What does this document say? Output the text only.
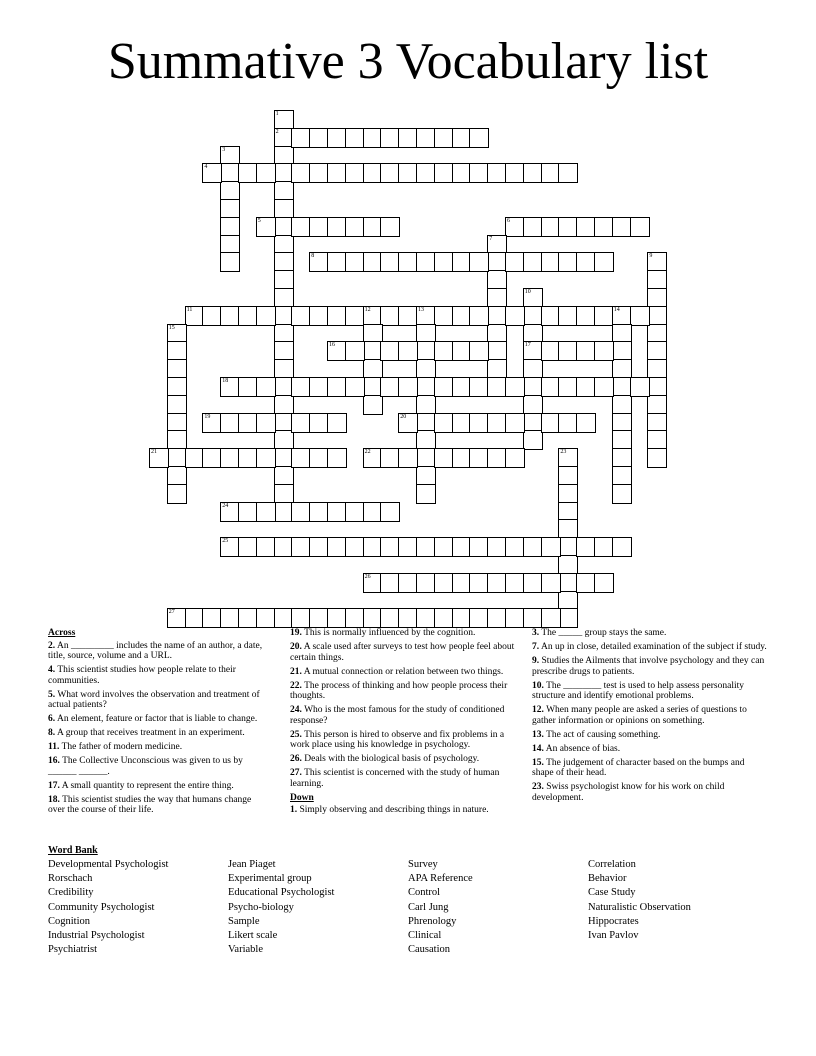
Summative 3 Vocabulary list
1
2
3
4
5	6
7
8	9
10
17
11	12	13	14
15
16
18
19	20
21	22	23
24
25
26
27
Across
2. An _________ includes the name of an author, a date, title, source, volume and a URL.
4. This scientist studies how people relate to their communities.
5. What word involves the observation and treatment of actual patients?
6. An element, feature or factor that is liable to change.
8. A group that receives treatment in an experiment.
11. The father of modern medicine.
16. The Collective Unconscious was given to us by ______ ______.
17. A small quantity to represent the entire thing.
18. This scientist studies the way that humans change over the course of their life.
19. This is normally influenced by the cognition.
20. A scale used after surveys to test how people feel about certain things.
21. A mutual connection or relation between two things.
22. The process of thinking and how people process their thoughts.
24. Who is the most famous for the study of conditioned response?
25. This person is hired to observe and fix problems in a work place using his knowledge in psychology.
26. Deals with the biological basis of psychology.
27. This scientist is concerned with the study of human learning.
Down
1. Simply observing and describing things in nature.
3. The _____ group stays the same.
7. An up in close, detailed examination of the subject if study.
9. Studies the Ailments that involve psychology and they can prescribe drugs to patients.
10. The ________ test is used to help assess personality structure and identify emotional problems.
12. When many people are asked a series of questions to gather information or opinions on something.
13. The act of causing something.
14. An absence of bias.
15. The judgement of character based on the bumps and shape of their head.
23. Swiss psychologist know for his work on child development.
Word Bank
Developmental Psychologist
Rorschach
Credibility
Community Psychologist
Cognition
Industrial Psychologist
Psychiatrist
Jean Piaget
Experimental group
Educational Psychologist
Psycho-biology
Sample
Likert scale
Variable
Survey
APA Reference
Control
Carl Jung
Phrenology
Clinical
Causation
Correlation
Behavior
Case Study
Naturalistic Observation
Hippocrates
Ivan Pavlov
